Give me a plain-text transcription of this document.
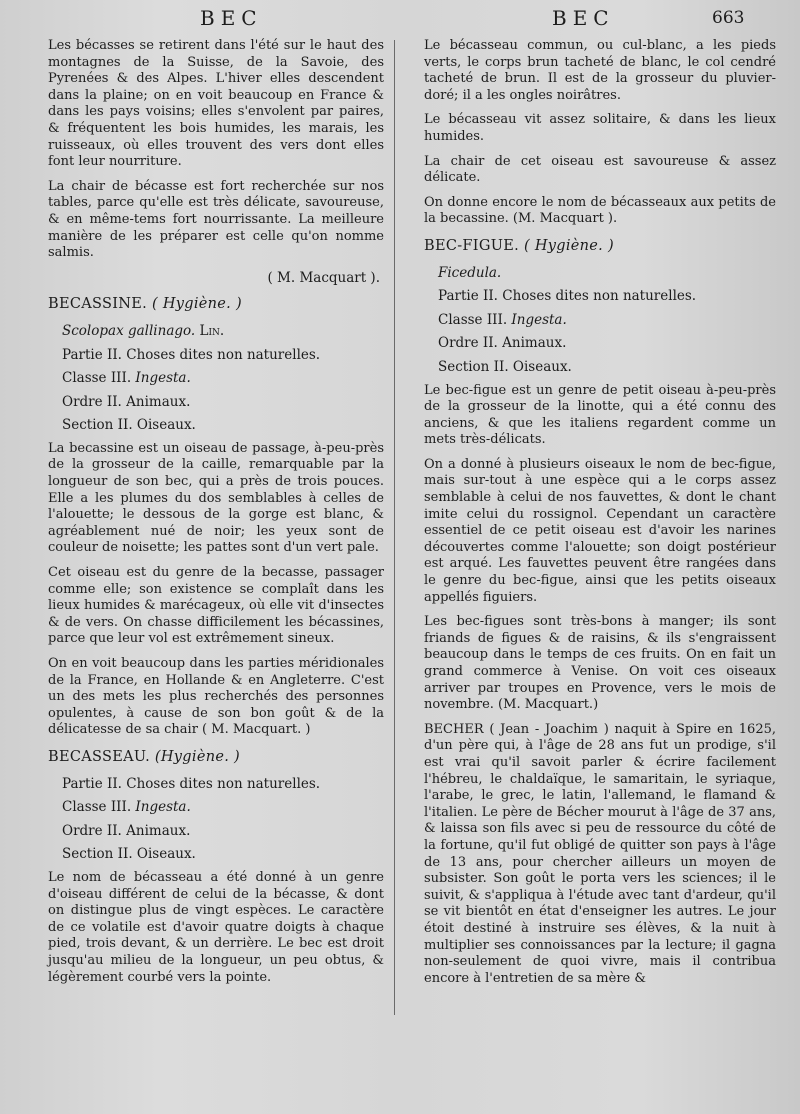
BEC	BEC	663

Les bécasses se retirent dans l'été sur le haut des montagnes de la Suisse, de la Savoie, des Pyrenées & des Alpes. L'hiver elles descendent dans la plaine; on en voit beaucoup en France & dans les pays voisins; elles s'envolent par paires, & fréquentent les bois humides, les marais, les ruisseaux, où elles trouvent des vers dont elles font leur nourriture.

La chair de bécasse est fort recherchée sur nos tables, parce qu'elle est très délicate, savoureuse, & en même-tems fort nourrissante. La meilleure manière de les préparer est celle qu'on nomme salmis.

( M. Macquart ).
BECASSINE. ( Hygiène. )
Scolopax gallinago. Lin.
Partie II. Choses dites non naturelles.
Classe III. Ingesta.
Ordre II. Animaux.
Section II. Oiseaux.

La becassine est un oiseau de passage, à-peu-près de la grosseur de la caille, remarquable par la longueur de son bec, qui a près de trois pouces. Elle a les plumes du dos semblables à celles de l'alouette; le dessous de la gorge est blanc, & agréablement nué de noir; les yeux sont de couleur de noisette; les pattes sont d'un vert pale.

Cet oiseau est du genre de la becasse, passager comme elle; son existence se complaît dans les lieux humides & marécageux, où elle vit d'insectes & de vers. On chasse difficilement les bécassines, parce que leur vol est extrêmement sineux.

On en voit beaucoup dans les parties méridionales de la France, en Hollande & en Angleterre. C'est un des mets les plus recherchés des personnes opulentes, à cause de son bon goût & de la délicatesse de sa chair ( M. Macquart. )

BECASSEAU. (Hygiène. )
Partie II. Choses dites non naturelles.
Classe III. Ingesta.
Ordre II. Animaux.
Section II. Oiseaux.

Le nom de bécasseau a été donné à un genre d'oiseau différent de celui de la bécasse, & dont on distingue plus de vingt espèces. Le caractère de ce volatile est d'avoir quatre doigts à chaque pied, trois devant, & un derrière. Le bec est droit jusqu'au milieu de la longueur, un peu obtus, & légèrement courbé vers la pointe.

Le bécasseau commun, ou cul-blanc, a les pieds verts, le corps brun tacheté de blanc, le col cendré tacheté de brun. Il est de la grosseur du pluvier-doré; il a les ongles noirâtres.

Le bécasseau vit assez solitaire, & dans les lieux humides.

La chair de cet oiseau est savoureuse & assez délicate.

On donne encore le nom de bécasseaux aux petits de la becassine. (M. Macquart ).

BEC-FIGUE. ( Hygiène. )
Ficedula.
Partie II. Choses dites non naturelles.
Classe III. Ingesta.
Ordre II. Animaux.
Section II. Oiseaux.

Le bec-figue est un genre de petit oiseau à-peu-près de la grosseur de la linotte, qui a été connu des anciens, & que les italiens regardent comme un mets très-délicats.

On a donné à plusieurs oiseaux le nom de bec-figue, mais sur-tout à une espèce qui a le corps assez semblable à celui de nos fauvettes, & dont le chant imite celui du rossignol. Cependant un caractère essentiel de ce petit oiseau est d'avoir les narines découvertes comme l'alouette; son doigt postérieur est arqué. Les fauvettes peuvent être rangées dans le genre du bec-figue, ainsi que les petits oiseaux appellés figuiers.

Les bec-figues sont très-bons à manger; ils sont friands de figues & de raisins, & ils s'engraissent beaucoup dans le temps de ces fruits. On en fait un grand commerce à Venise. On voit ces oiseaux arriver par troupes en Provence, vers le mois de novembre. (M. Macquart.)

BECHER ( Jean - Joachim ) naquit à Spire en 1625, d'un père qui, à l'âge de 28 ans fut un prodige, s'il est vrai qu'il savoit parler & écrire facilement l'hébreu, le chaldaïque, le samaritain, le syriaque, l'arabe, le grec, le latin, l'allemand, le flamand & l'italien. Le père de Bécher mourut à l'âge de 37 ans, & laissa son fils avec si peu de ressource du côté de la fortune, qu'il fut obligé de quitter son pays à l'âge de 13 ans, pour chercher ailleurs un moyen de subsister. Son goût le porta vers les sciences; il le suivit, & s'appliqua à l'étude avec tant d'ardeur, qu'il se vit bientôt en état d'enseigner les autres. Le jour étoit destiné à instruire ses élèves, & la nuit à multiplier ses connoissances par la lecture; il gagna non-seulement de quoi vivre, mais il contribua encore à l'entretien de sa mère &
